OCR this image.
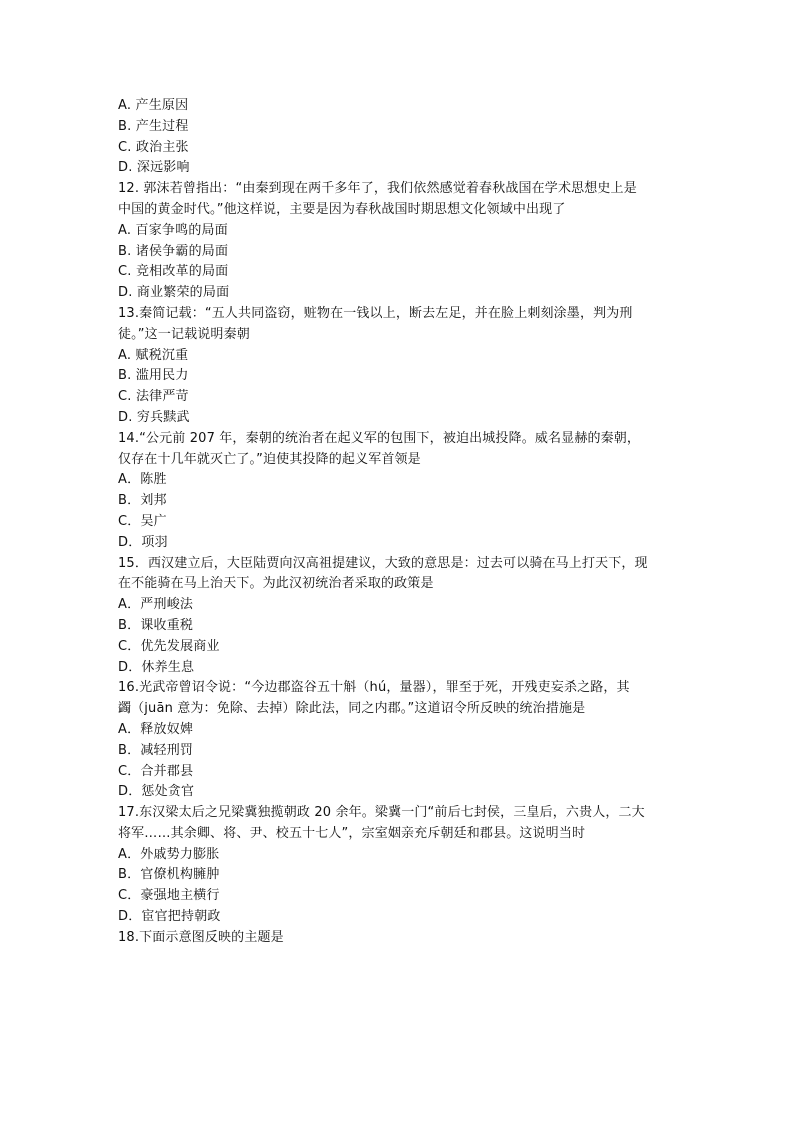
A. 产生原因
B. 产生过程
C. 政治主张
D. 深远影响
12. 郭沫若曾指出：“由秦到现在两千多年了，我们依然感觉着春秋战国在学术思想史上是
中国的黄金时代。”他这样说，主要是因为春秋战国时期思想文化领域中出现了
A. 百家争鸣的局面
B. 诸侯争霸的局面
C. 竞相改革的局面
D. 商业繁荣的局面
13.秦简记载：“五人共同盗窃，赃物在一钱以上，断去左足，并在脸上刺刻涂墨，判为刑
徒。”这一记载说明秦朝
A. 赋税沉重
B. 滥用民力
C. 法律严苛
D. 穷兵黩武
14.“公元前 207 年，秦朝的统治者在起义军的包围下，被迫出城投降。威名显赫的秦朝，
仅存在十几年就灭亡了。”迫使其投降的起义军首领是
A．陈胜
B．刘邦
C．吴广
D．项羽
15．西汉建立后，大臣陆贾向汉高祖提建议，大致的意思是：过去可以骑在马上打天下，现
在不能骑在马上治天下。为此汉初统治者采取的政策是
A．严刑峻法
B．课收重税
C．优先发展商业
D．休养生息
16.光武帝曾诏令说：“今边郡盗谷五十斛（hú，量器），罪至于死，开残吏妄杀之路，其
蠲（juān 意为：免除、去掉）除此法，同之内郡。”这道诏令所反映的统治措施是
A．释放奴婢
B．减轻刑罚
C．合并郡县
D．惩处贪官
17.东汉梁太后之兄梁冀独揽朝政 20 余年。梁冀一门“前后七封侯，三皇后，六贵人，二大
将军……其余卿、将、尹、校五十七人”，宗室姻亲充斥朝廷和郡县。这说明当时
A．外戚势力膨胀
B．官僚机构臃肿
C．豪强地主横行
D．宦官把持朝政
18.下面示意图反映的主题是
